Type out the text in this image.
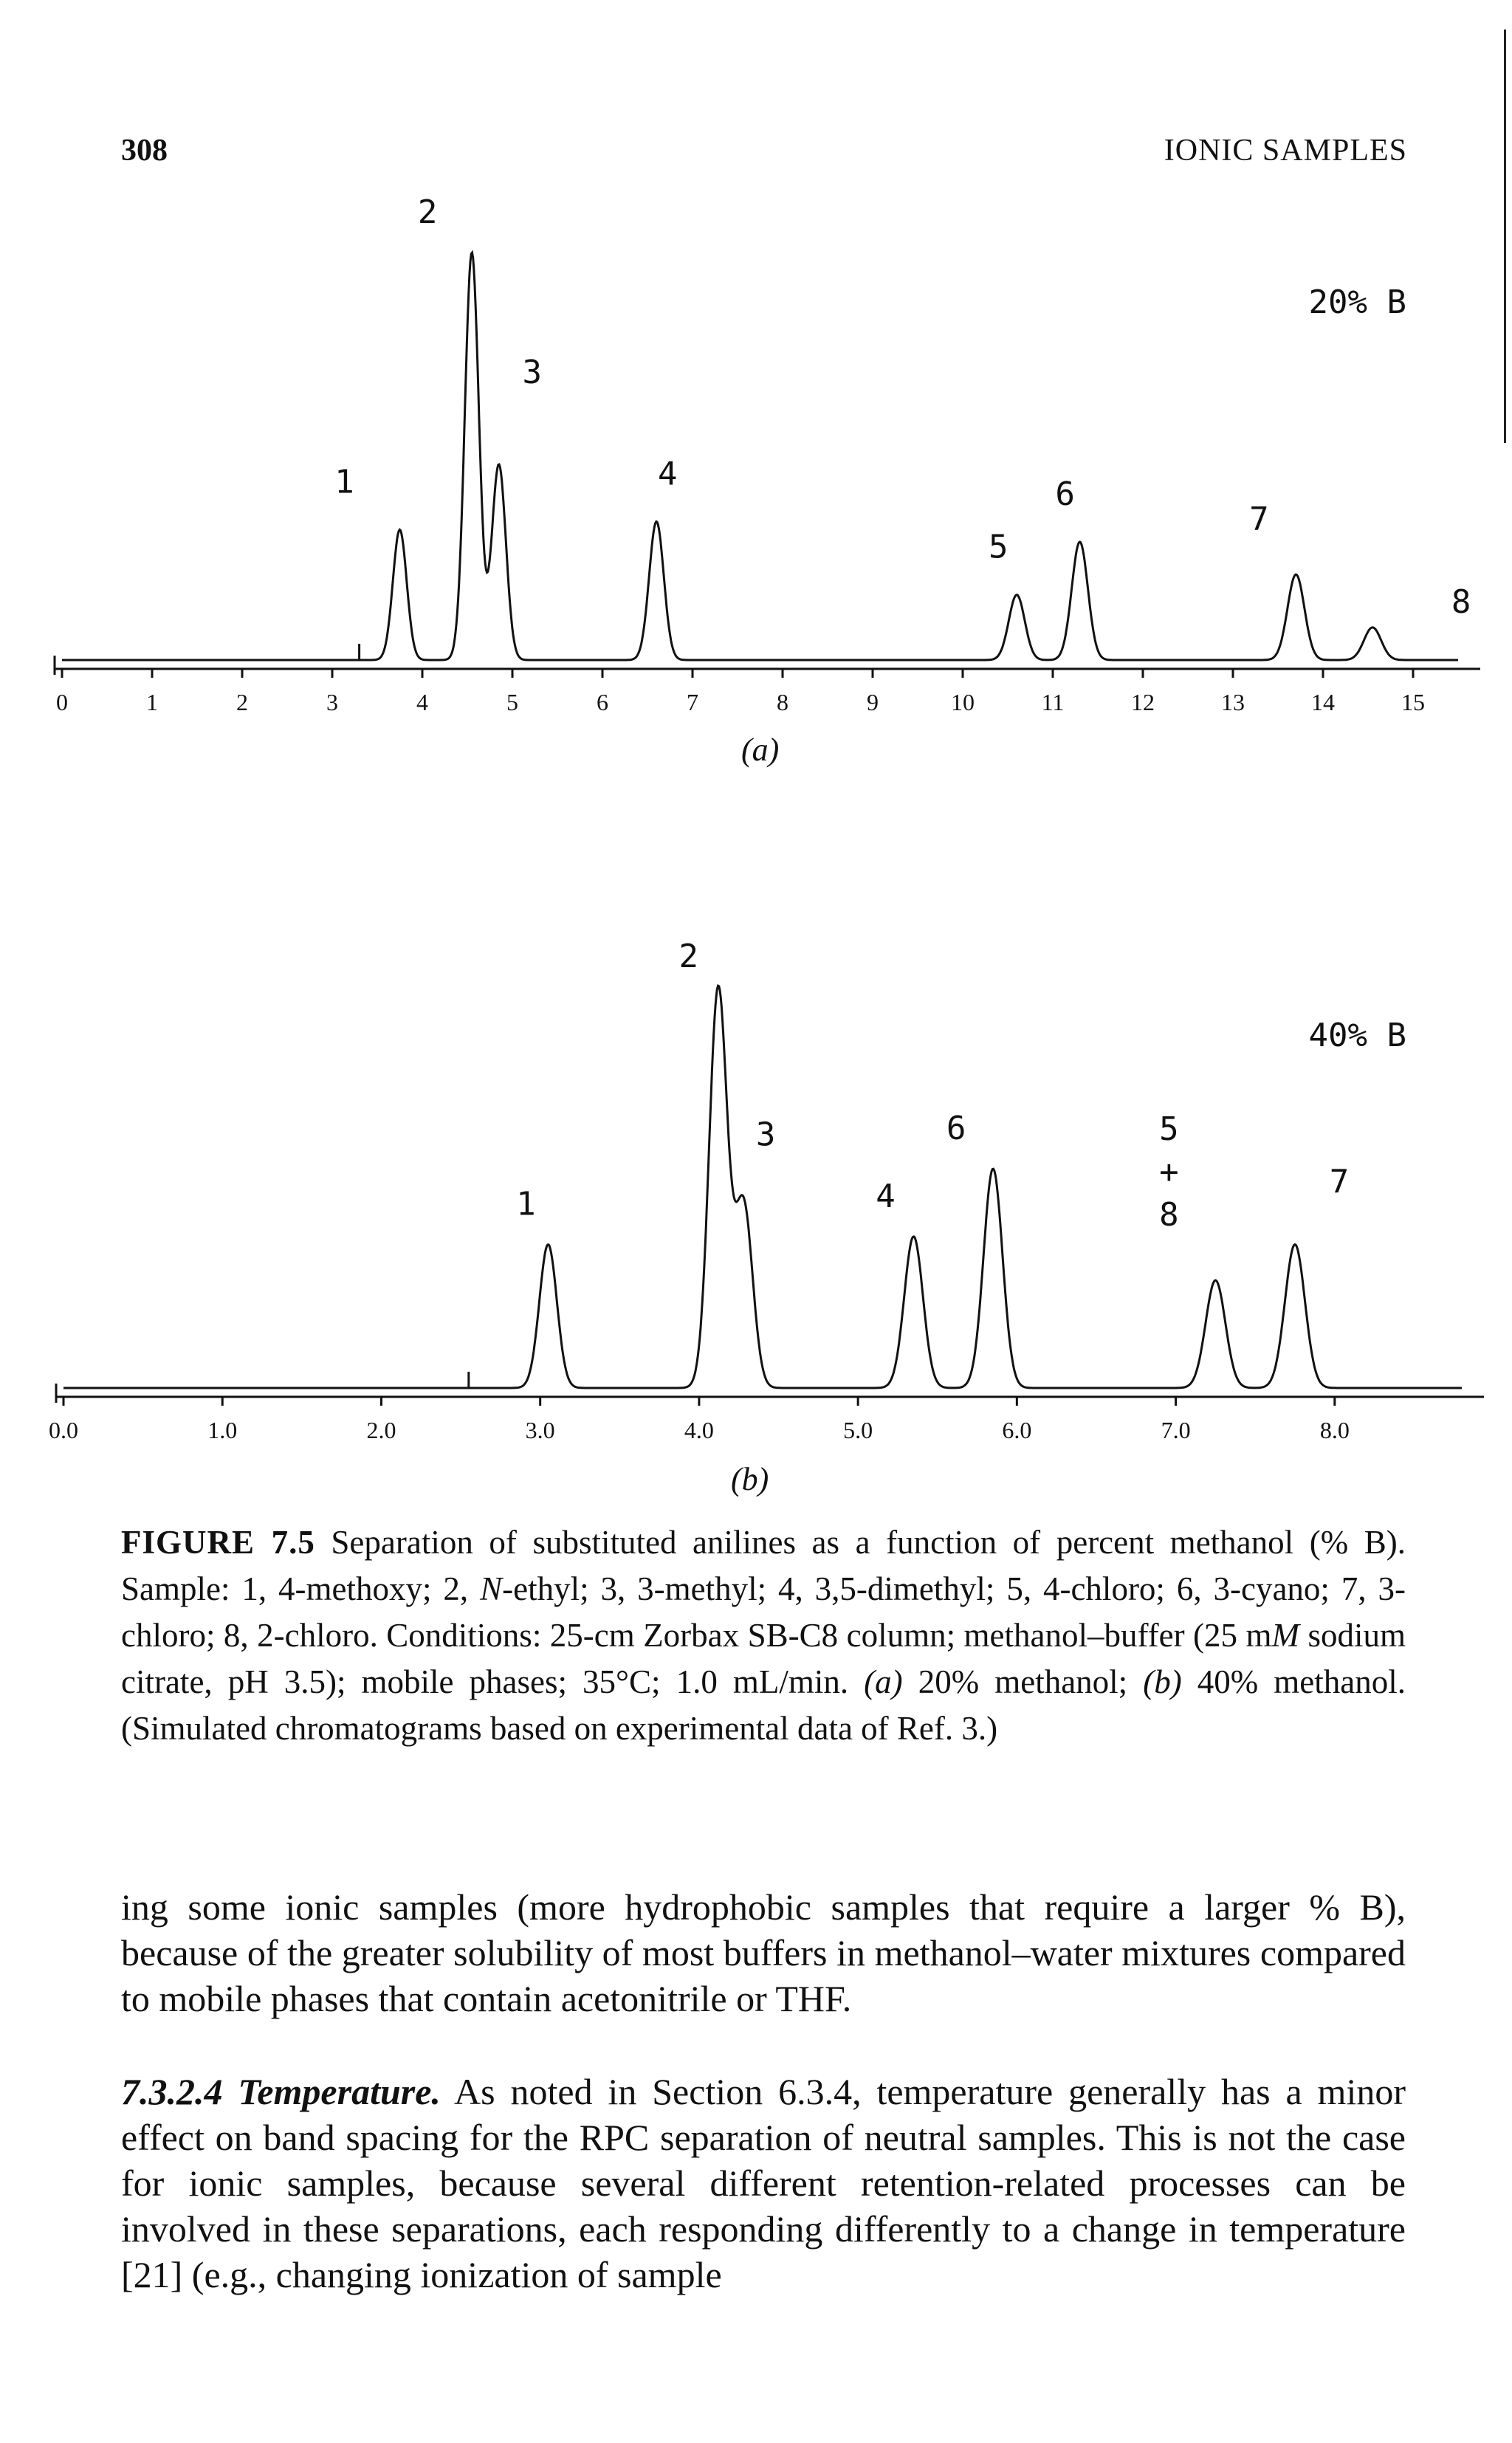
308	IONIC SAMPLES
0	1	2	3	4	5	6	7	8	9	10	11	12	13	14	15
1
2
3
4
5
6
7
8
20% B
(a)
0.0	1.0	2.0	3.0	4.0	5.0	6.0	7.0	8.0
1
2
3
4
6	5
+
8
7
40% B
(b)
FIGURE 7.5 Separation of substituted anilines as a function of percent methanol (% B). Sample: 1, 4-methoxy; 2, N-ethyl; 3, 3-methyl; 4, 3,5-dimethyl; 5, 4-chloro; 6, 3-cyano; 7, 3-chloro; 8, 2-chloro. Conditions: 25-cm Zorbax SB-C8 column; methanol–buffer (25 mM sodium citrate, pH 3.5); mobile phases; 35°C; 1.0 mL/min. (a) 20% methanol; (b) 40% methanol. (Simulated chromatograms based on experimental data of Ref. 3.)
ing some ionic samples (more hydrophobic samples that require a larger % B), because of the greater solubility of most buffers in methanol–water mixtures compared to mobile phases that contain acetonitrile or THF.
7.3.2.4 Temperature. As noted in Section 6.3.4, temperature generally has a minor effect on band spacing for the RPC separation of neutral samples. This is not the case for ionic samples, because several different retention-related processes can be involved in these separations, each responding differently to a change in temperature [21] (e.g., changing ionization of sample
